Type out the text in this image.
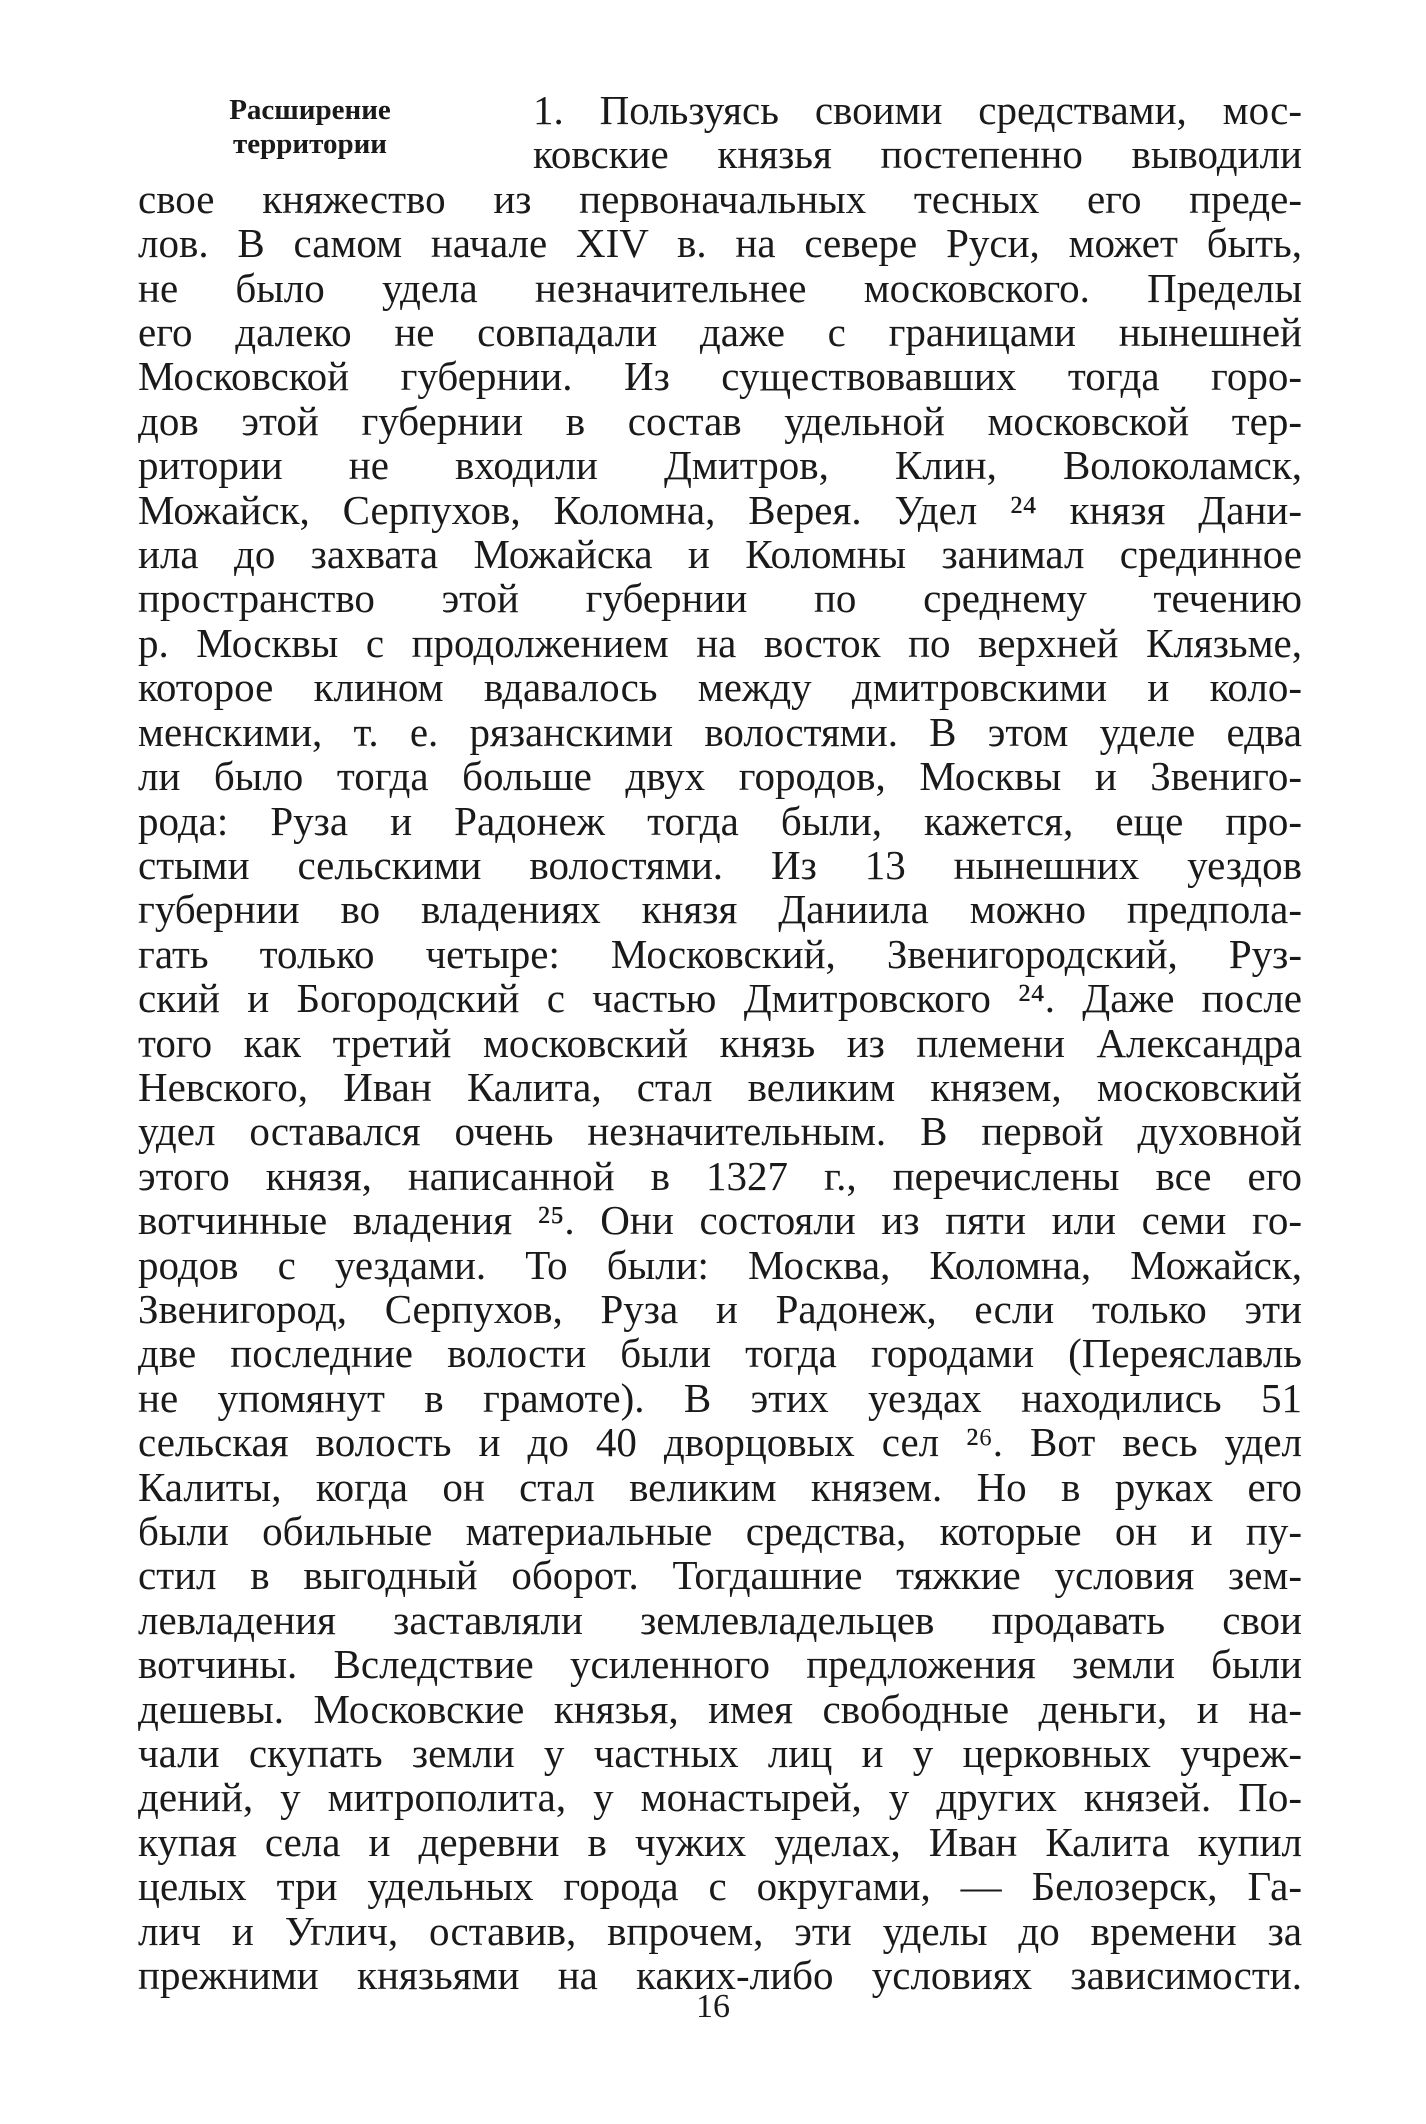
Расширение
территории
1. Пользуясь своими средствами, мос-
ковские князья постепенно выводили
свое княжество из первоначальных тесных его преде-
лов. В самом начале XIV в. на севере Руси, может быть,
не было удела незначительнее московского. Пределы
его далеко не совпадали даже с границами нынешней
Московской губернии. Из существовавших тогда горо-
дов этой губернии в состав удельной московской тер-
ритории не входили Дмитров, Клин, Волоколамск,
Можайск, Серпухов, Коломна, Верея. Удел ²⁴ князя Дани-
ила до захвата Можайска и Коломны занимал срединное
пространство этой губернии по среднему течению
р. Москвы с продолжением на восток по верхней Клязьме,
которое клином вдавалось между дмитровскими и коло-
менскими, т. е. рязанскими волостями. В этом уделе едва
ли было тогда больше двух городов, Москвы и Звениго-
рода: Руза и Радонеж тогда были, кажется, еще про-
стыми сельскими волостями. Из 13 нынешних уездов
губернии во владениях князя Даниила можно предпола-
гать только четыре: Московский, Звенигородский, Руз-
ский и Богородский с частью Дмитровского ²⁴. Даже после
того как третий московский князь из племени Александра
Невского, Иван Калита, стал великим князем, московский
удел оставался очень незначительным. В первой духовной
этого князя, написанной в 1327 г., перечислены все его
вотчинные владения ²⁵. Они состояли из пяти или семи го-
родов с уездами. То были: Москва, Коломна, Можайск,
Звенигород, Серпухов, Руза и Радонеж, если только эти
две последние волости были тогда городами (Переяславль
не упомянут в грамоте). В этих уездах находились 51
сельская волость и до 40 дворцовых сел ²⁶. Вот весь удел
Калиты, когда он стал великим князем. Но в руках его
были обильные материальные средства, которые он и пу-
стил в выгодный оборот. Тогдашние тяжкие условия зем-
левладения заставляли землевладельцев продавать свои
вотчины. Вследствие усиленного предложения земли были
дешевы. Московские князья, имея свободные деньги, и на-
чали скупать земли у частных лиц и у церковных учреж-
дений, у митрополита, у монастырей, у других князей. По-
купая села и деревни в чужих уделах, Иван Калита купил
целых три удельных города с округами, — Белозерск, Га-
лич и Углич, оставив, впрочем, эти уделы до времени за
прежними князьями на каких-либо условиях зависимости.
16
